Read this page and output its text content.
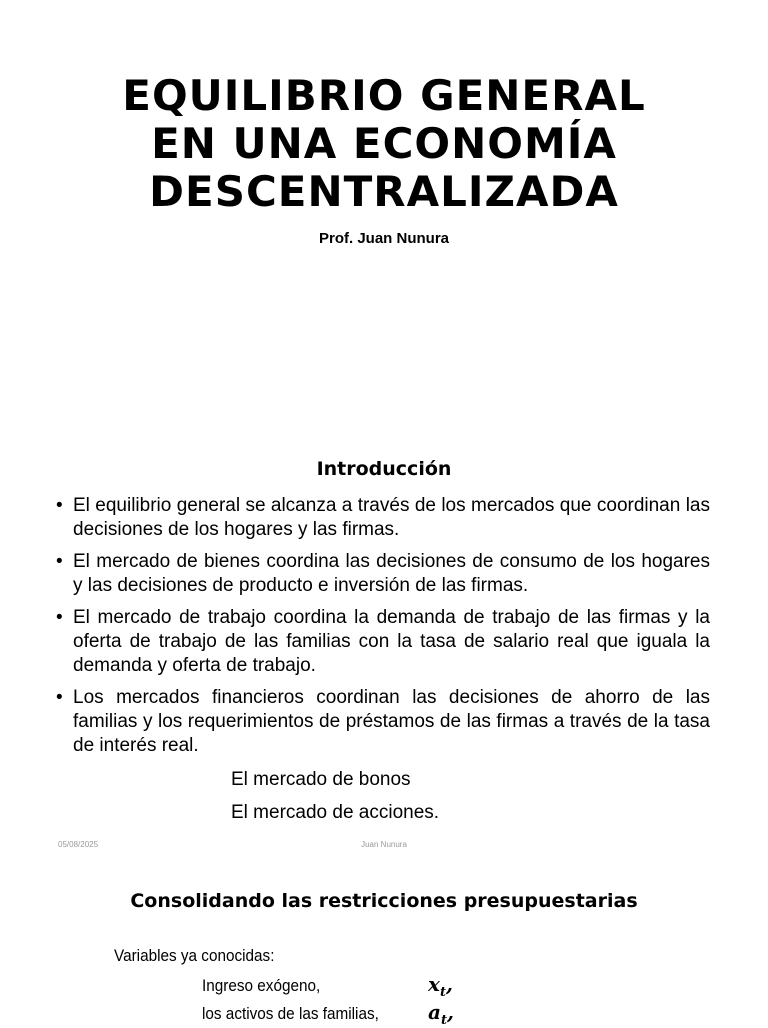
EQUILIBRIO GENERAL
EN UNA ECONOMÍA
DESCENTRALIZADA
Prof. Juan Nunura
Introducción
• El equilibrio general se alcanza a través de los mercados que coordinan las decisiones de los hogares y las firmas.
• El mercado de bienes coordina las decisiones de consumo de los hogares y las decisiones de producto e inversión de las firmas.
• El mercado de trabajo coordina la demanda de trabajo de las firmas y la oferta de trabajo de las familias con la tasa de salario real que iguala la demanda y oferta de trabajo.
• Los mercados financieros coordinan las decisiones de ahorro de las familias y los requerimientos de préstamos de las firmas a través de la tasa de interés real.
El mercado de bonos
El mercado de acciones.
05/08/2025	Juan Nunura
Consolidando las restricciones presupuestarias
Variables ya conocidas:
Ingreso exógeno,	$x_t$,
los activos de las familias, $a_t$,
